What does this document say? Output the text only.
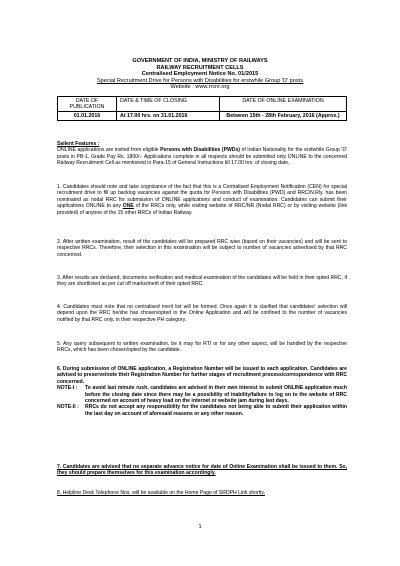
GOVERNMENT OF INDIA, MINISTRY OF RAILWAYS
RAILWAY RECRUITMENT CELLS
Centralised Employment Notice No. 01/2015
Special Recruitment Drive for Persons with Disabilities for erstwhile Group 'D' posts
Website : www.rrcnr.org
DATE OF PUBLICATION	DATE & TIME OF CLOSING	DATE OF ONLINE EXAMINATION
01.01.2016	At 17.00 hrs. on 31.01.2016	Between 15th - 28th February, 2016 (Approx.)

Salient Features :

ONLINE applications are invited from eligible Persons with Disabilities (PWDs) of Indian Nationality for the erstwhile Group 'D' posts in PB-1, Grade Pay Rs. 1800/-. Applications complete in all respects should be submitted only ONLINE to the concerned Railway Recruitment Cell as mentioned in Para-15 of General Instructions till 17.00 hrs. of closing date.

1. Candidates should note and take cognizance of the fact that this is a Centralised Employment Notification (CEN) for special recruitment drive to fill up backlog vacancies against the quota for Persons with Disabilities (PWD) and RRC/N.Rly. has been nominated as nodal RRC for submission of ONLINE applications and conduct of examination. Candidates can submit their applications ONLINE to any ONE of the RRCs only, while visiting website of RRC/NR (Nodal RRC) or by visiting website (link provided) of anyone of the 15 other RRCs of Indian Railway.

2. After written examination, result of the candidates will be prepared RRC wise (based on their vacancies) and will be sent to respective RRCs. Therefore, their selection in this examination will be subject to number of vacancies advertised by that RRC concerned.

3. After results are declared, documents verification and medical examination of the candidates will be held in their opted RRC, if they are shortlisted as per cut off marks/merit of their opted RRC.

4. Candidates must note that no centralised merit list will be formed. Once again it is clarified that candidates' selection will depend upon the RRC he/she has chosen/opted in the Online Application and will be confined to the number of vacancies notified by that RRC only, in their respective PH category.

5. Any query subsequent to written examination, be it may for RTI or for any other aspect, will be handled by the respective RRCs, which has been chosen/opted by the candidate.

6. During submission of ONLINE application, a Registration Number will be issued to each application. Candidates are advised to preserve/note their Registration Number for further stages of recruitment process/correspondence with RRC concerned.

NOTE-I :	To avoid last minute rush, candidates are advised in their own interest to submit ONLINE application much before the closing date since there may be a possibility of inability/failure to log on to the website of RRC concerned on account of heavy load on the internet or website jam during last days.
NOTE-II :	RRCs do not accept any responsibility for the candidates not being able to submit their application within the last day on account of aforesaid reasons or any other reason.

7. Candidates are advised that no separate advance notice for date of Online Examination shall be issued to them. So, they should prepare themselves for this examination accordingly.

8. Helpline Desk Telephone Nos. will be available on the Home Page of SRDPH Link shortly.

1
